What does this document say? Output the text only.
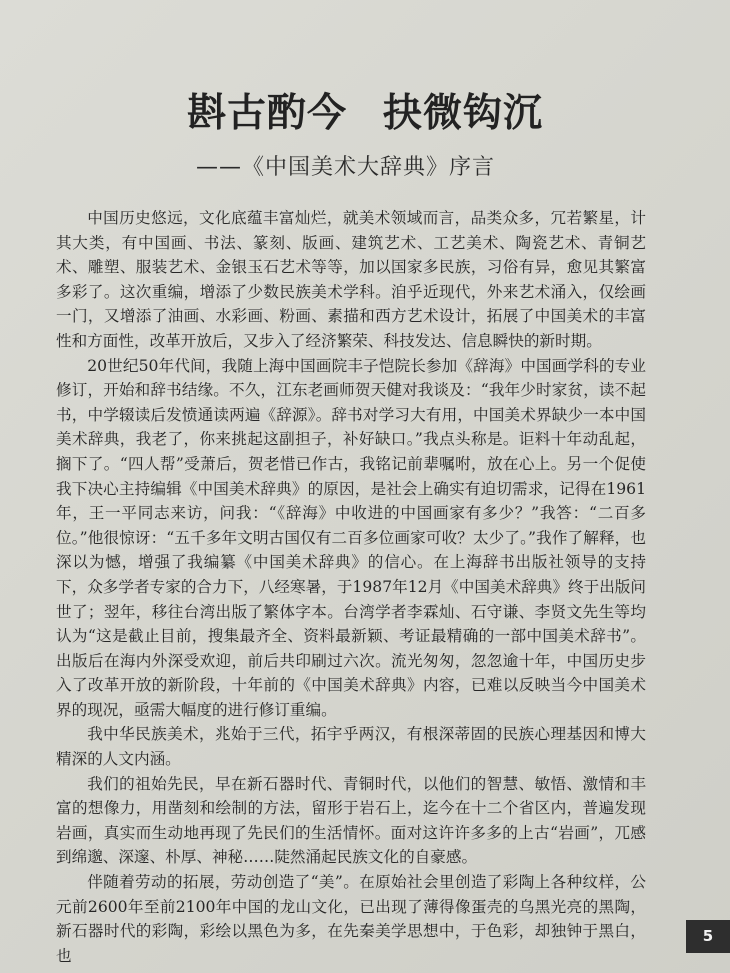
斟古酌今 抉微钩沉
——《中国美术大辞典》序言

中国历史悠远，文化底蕴丰富灿烂，就美术领域而言，品类众多，冗若繁星，计其大类，有中国画、书法、篆刻、版画、建筑艺术、工艺美术、陶瓷艺术、青铜艺术、雕塑、服装艺术、金银玉石艺术等等，加以国家多民族，习俗有异，愈见其繁富多彩了。这次重编，增添了少数民族美术学科。洎乎近现代，外来艺术涌入，仅绘画一门，又增添了油画、水彩画、粉画、素描和西方艺术设计，拓展了中国美术的丰富性和方面性，改革开放后，又步入了经济繁荣、科技发达、信息瞬快的新时期。

20世纪50年代间，我随上海中国画院丰子恺院长参加《辞海》中国画学科的专业修订，开始和辞书结缘。不久，江东老画师贺天健对我谈及：“我年少时家贫，读不起书，中学辍读后发愤通读两遍《辞源》。辞书对学习大有用，中国美术界缺少一本中国美术辞典，我老了，你来挑起这副担子，补好缺口。”我点头称是。讵料十年动乱起，搁下了。“四人帮”受萧后，贺老惜已作古，我铭记前辈嘱咐，放在心上。另一个促使我下决心主持编辑《中国美术辞典》的原因，是社会上确实有迫切需求，记得在1961年，王一平同志来访，问我：“《辞海》中收进的中国画家有多少？”我答：“二百多位。”他很惊讶：“五千多年文明古国仅有二百多位画家可收？太少了。”我作了解释，也深以为憾，增强了我编纂《中国美术辞典》的信心。在上海辞书出版社领导的支持下，众多学者专家的合力下，八经寒暑，于1987年12月《中国美术辞典》终于出版问世了；翌年，移往台湾出版了繁体字本。台湾学者李霖灿、石守谦、李贤文先生等均认为“这是截止目前，搜集最齐全、资料最新颖、考证最精确的一部中国美术辞书”。出版后在海内外深受欢迎，前后共印刷过六次。流光匆匆，忽忽逾十年，中国历史步入了改革开放的新阶段，十年前的《中国美术辞典》内容，已难以反映当今中国美术界的现况，亟需大幅度的进行修订重编。

我中华民族美术，兆始于三代，拓宇乎两汉，有根深蒂固的民族心理基因和博大精深的人文内涵。

我们的祖始先民，早在新石器时代、青铜时代，以他们的智慧、敏悟、激情和丰富的想像力，用凿刻和绘制的方法，留形于岩石上，迄今在十二个省区内，普遍发现岩画，真实而生动地再现了先民们的生活情怀。面对这许许多多的上古“岩画”，兀感到绵邈、深邃、朴厚、神秘……陡然涌起民族文化的自豪感。

伴随着劳动的拓展，劳动创造了“美”。在原始社会里创造了彩陶上各种纹样，公元前2600年至前2100年中国的龙山文化，已出现了薄得像蛋壳的乌黑光亮的黑陶，新石器时代的彩陶，彩绘以黑色为多，在先秦美学思想中，于色彩，却独钟于黑白，也

5
